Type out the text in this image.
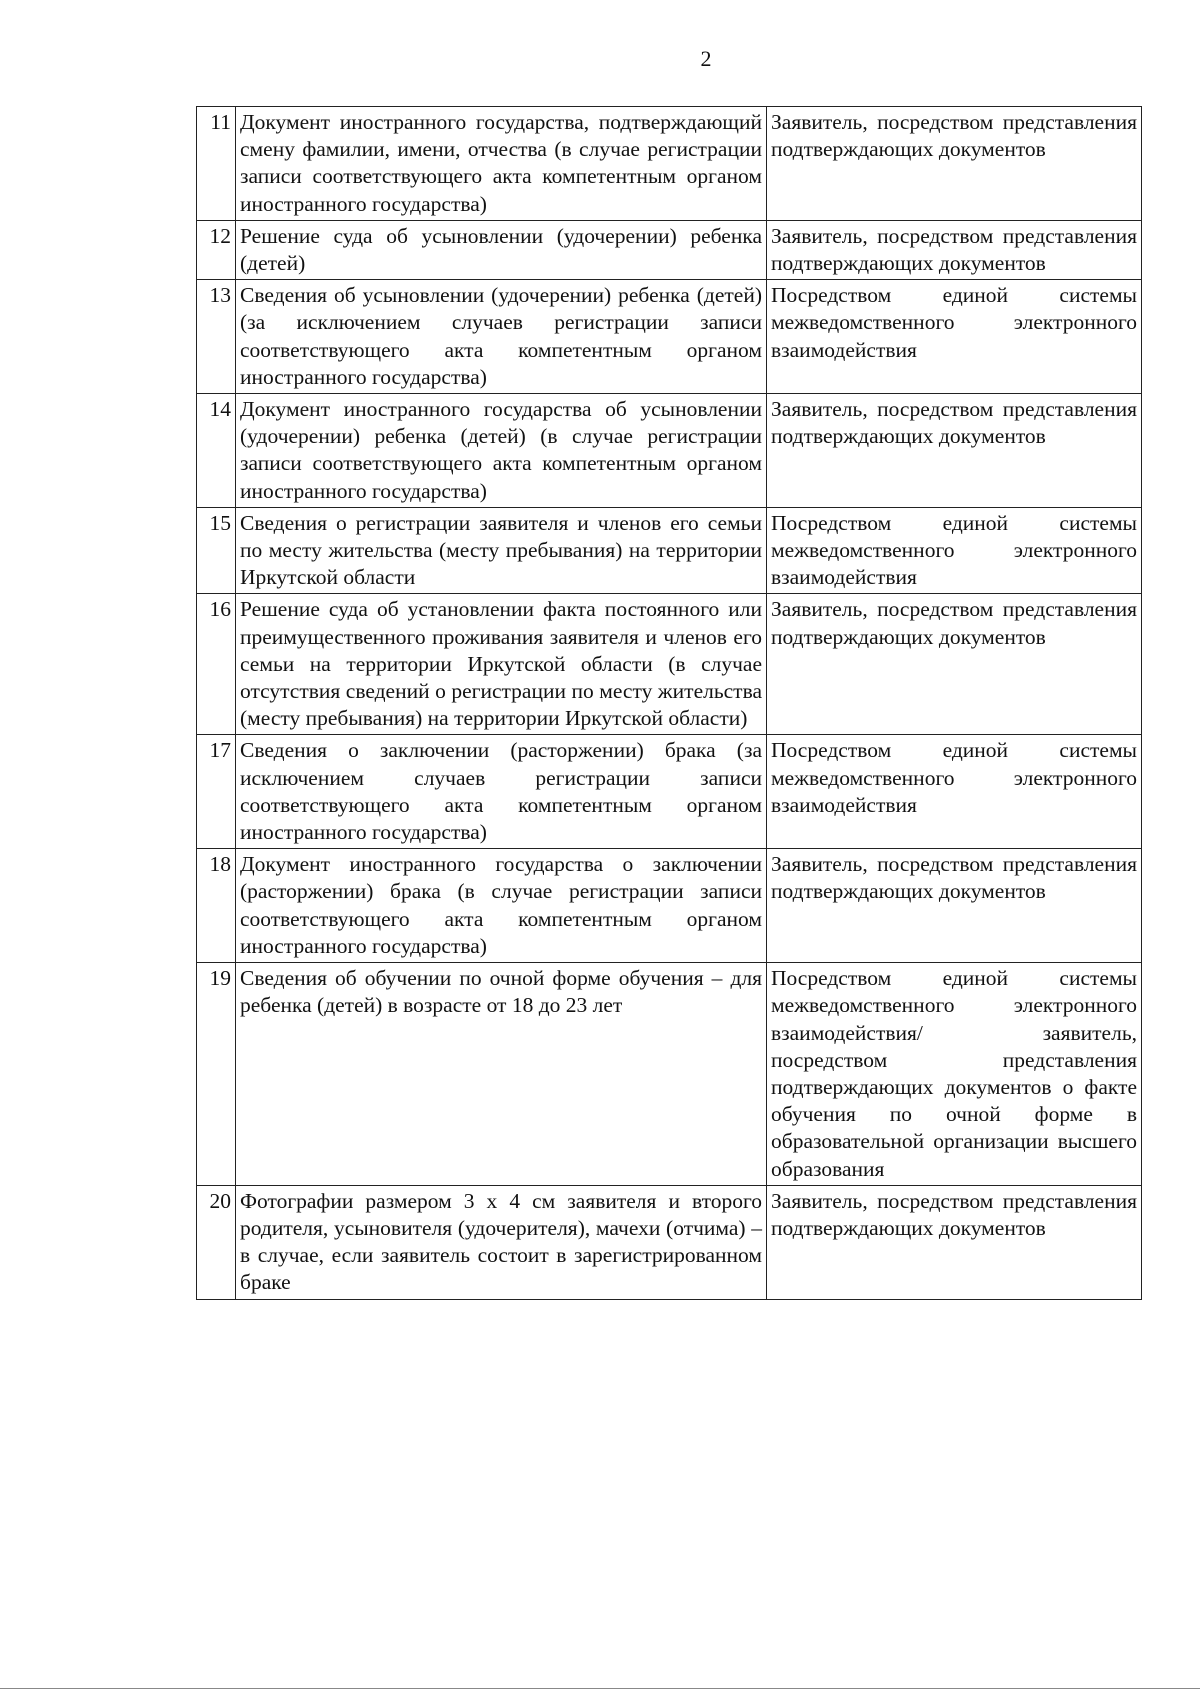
2
11	Документ иностранного государства, подтверждающий смену фамилии, имени, отчества (в случае регистрации записи соответствующего акта компетентным органом иностранного государства)	Заявитель, посредством представления подтверждающих документов
12	Решение суда об усыновлении (удочерении) ребенка (детей)	Заявитель, посредством представления подтверждающих документов
13	Сведения об усыновлении (удочерении) ребенка (детей) (за исключением случаев регистрации записи соответствующего акта компетентным органом иностранного государства)	Посредством единой системы межведомственного электронного взаимодействия
14	Документ иностранного государства об усыновлении (удочерении) ребенка (детей) (в случае регистрации записи соответствующего акта компетентным органом иностранного государства)	Заявитель, посредством представления подтверждающих документов
15	Сведения о регистрации заявителя и членов его семьи по месту жительства (месту пребывания) на территории Иркутской области	Посредством единой системы межведомственного электронного взаимодействия
16	Решение суда об установлении факта постоянного или преимущественного проживания заявителя и членов его семьи на территории Иркутской области (в случае отсутствия сведений о регистрации по месту жительства (месту пребывания) на территории Иркутской области)	Заявитель, посредством представления подтверждающих документов
17	Сведения о заключении (расторжении) брака (за исключением случаев регистрации записи соответствующего акта компетентным органом иностранного государства)	Посредством единой системы межведомственного электронного взаимодействия
18	Документ иностранного государства о заключении (расторжении) брака (в случае регистрации записи соответствующего акта компетентным органом иностранного государства)	Заявитель, посредством представления подтверждающих документов
19	Сведения об обучении по очной форме обучения – для ребенка (детей) в возрасте от 18 до 23 лет	Посредством единой системы межведомственного электронного взаимодействия/ заявитель, посредством представления подтверждающих документов о факте обучения по очной форме в образовательной организации высшего образования
20	Фотографии размером 3 х 4 см заявителя и второго родителя, усыновителя (удочерителя), мачехи (отчима) – в случае, если заявитель состоит в зарегистрированном браке	Заявитель, посредством представления подтверждающих документов
